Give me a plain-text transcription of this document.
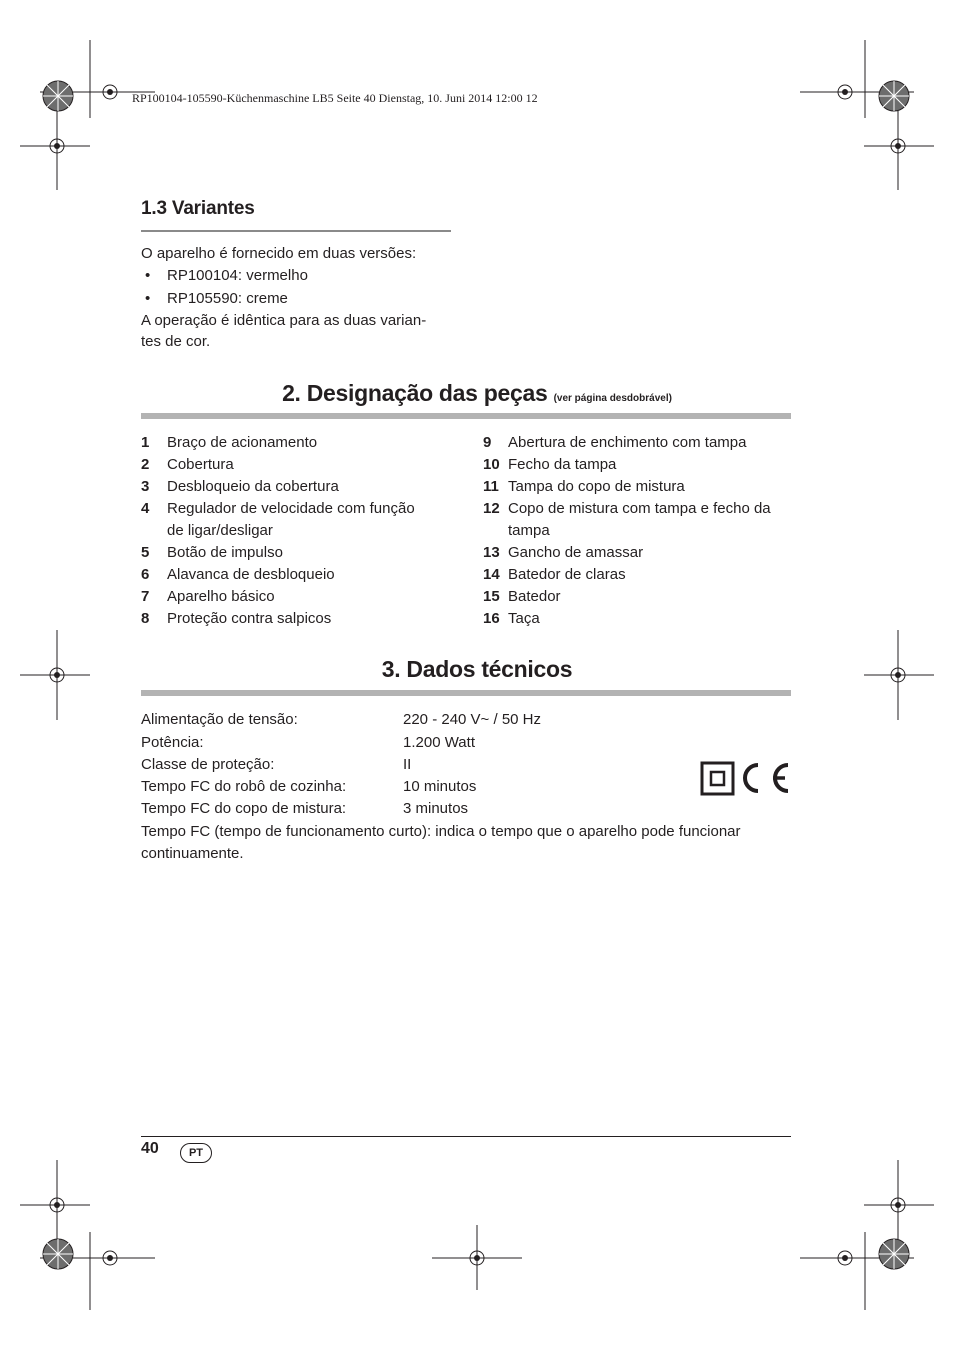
RP100104-105590-Küchenmaschine LB5 Seite 40 Dienstag, 10. Juni 2014 12:00 12
1.3 Variantes
O aparelho é fornecido em duas versões:
• RP100104: vermelho
• RP105590: creme
A operação é idêntica para as duas varian-
tes de cor.
2. Designação das peças (ver página desdobrável)
1	Braço de acionamento
2	Cobertura
3	Desbloqueio da cobertura
4	Regulador de velocidade com função
de ligar/desligar
5	Botão de impulso
6	Alavanca de desbloqueio
7	Aparelho básico
8	Proteção contra salpicos
9	Abertura de enchimento com tampa
10 Fecho da tampa
11 Tampa do copo de mistura
12 Copo de mistura com tampa e fecho da
tampa
13 Gancho de amassar
14 Batedor de claras
15 Batedor
16 Taça
3. Dados técnicos
Alimentação de tensão:	220 - 240 V~ / 50 Hz
Potência:	1.200 Watt
Classe de proteção:	II
Tempo FC do robô de cozinha:	10 minutos
Tempo FC do copo de mistura:	3 minutos
Tempo FC (tempo de funcionamento curto): indica o tempo que o aparelho pode funcionar
continuamente.
40	PT
